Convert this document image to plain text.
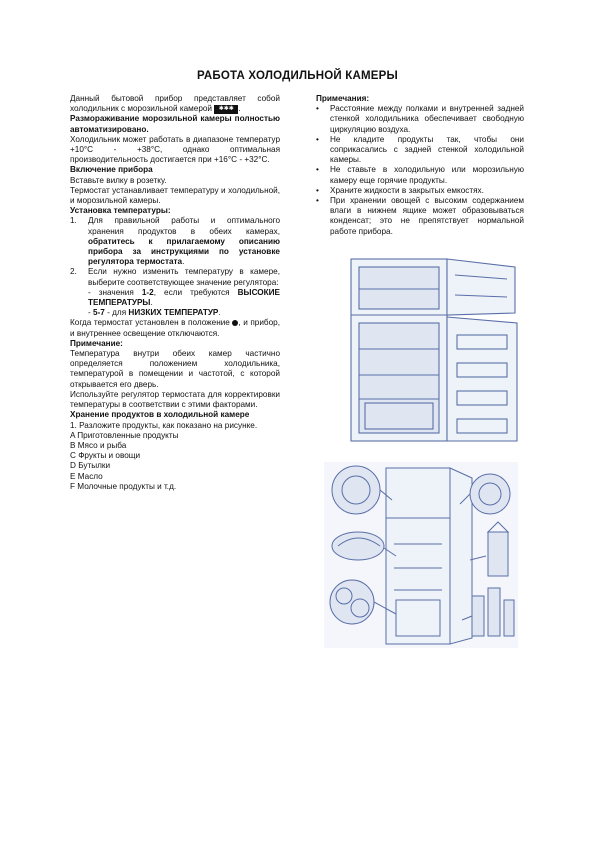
РАБОТА ХОЛОДИЛЬНОЙ КАМЕРЫ

Данный бытовой прибор представляет собой холодильник с морозильной камерой ✱✱✱ .

Размораживание морозильной камеры полностью автоматизировано.

Холодильник может работать в диапазоне температур +10°C - +38°C, однако оптимальная производительность достигается при +16°C - +32°C.

Включение прибора

Вставьте вилку в розетку.

Термостат устанавливает температуру и холодильной, и морозильной камеры.

Установка температуры:

1.	Для правильной работы и оптимального хранения продуктов в обеих камерах, обратитесь к прилагаемому описанию прибора за инструкциями по установке регулятора термостата.
2.	Если нужно изменить температуру в камере, выберите соответствующее значение регулятора:

- значения 1-2, если требуются ВЫСОКИЕ ТЕМПЕРАТУРЫ.

- 5-7 - для НИЗКИХ ТЕМПЕРАТУР.

Когда термостат установлен в положение , и прибор, и внутреннее освещение отключаются.

Примечание:

Температура внутри обеих камер частично определяется положением холодильника, температурой в помещении и частотой, с которой открывается его дверь.

Используйте регулятор термостата для корректировки температуры в соответствии с этими факторами.

Хранение продуктов в холодильной камере

1. Разложите продукты, как показано на рисунке.

A Приготовленные продукты

B Мясо и рыба

C Фрукты и овощи

D Бутылки

E Масло

F Молочные продукты и т.д.

Примечания:

•	Расстояние между полками и внутренней задней стенкой холодильника обеспечивает свободную циркуляцию воздуха.
•	Не кладите продукты так, чтобы они соприкасались с задней стенкой холодильной камеры.
•	Не ставьте в холодильную или морозильную камеру еще горячие продукты.
•	Храните жидкости в закрытых емкостях.
•	При хранении овощей с высоким содержанием влаги в нижнем ящике может образовываться конденсат; это не препятствует нормальной работе прибора.
